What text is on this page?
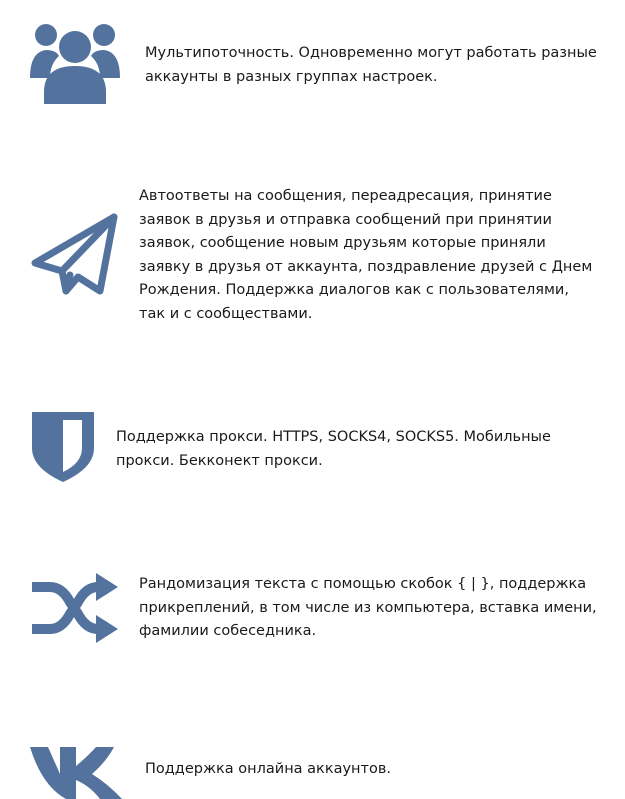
Мультипоточность. Одновременно могут работать разные аккаунты в разных группах настроек.

Автоответы на сообщения, переадресация, принятие заявок в друзья и отправка сообщений при принятии заявок, сообщение новым друзьям которые приняли заявку в друзья от аккаунта, поздравление друзей с Днем Рождения. Поддержка диалогов как с пользователями, так и с сообществами.

Поддержка прокси. HTTPS, SOCKS4, SOCKS5. Мобильные прокси. Бекконект прокси.

Рандомизация текста с помощью скобок { | }, поддержка прикреплений, в том числе из компьютера, вставка имени, фамилии собеседника.

Поддержка онлайна аккаунтов.
